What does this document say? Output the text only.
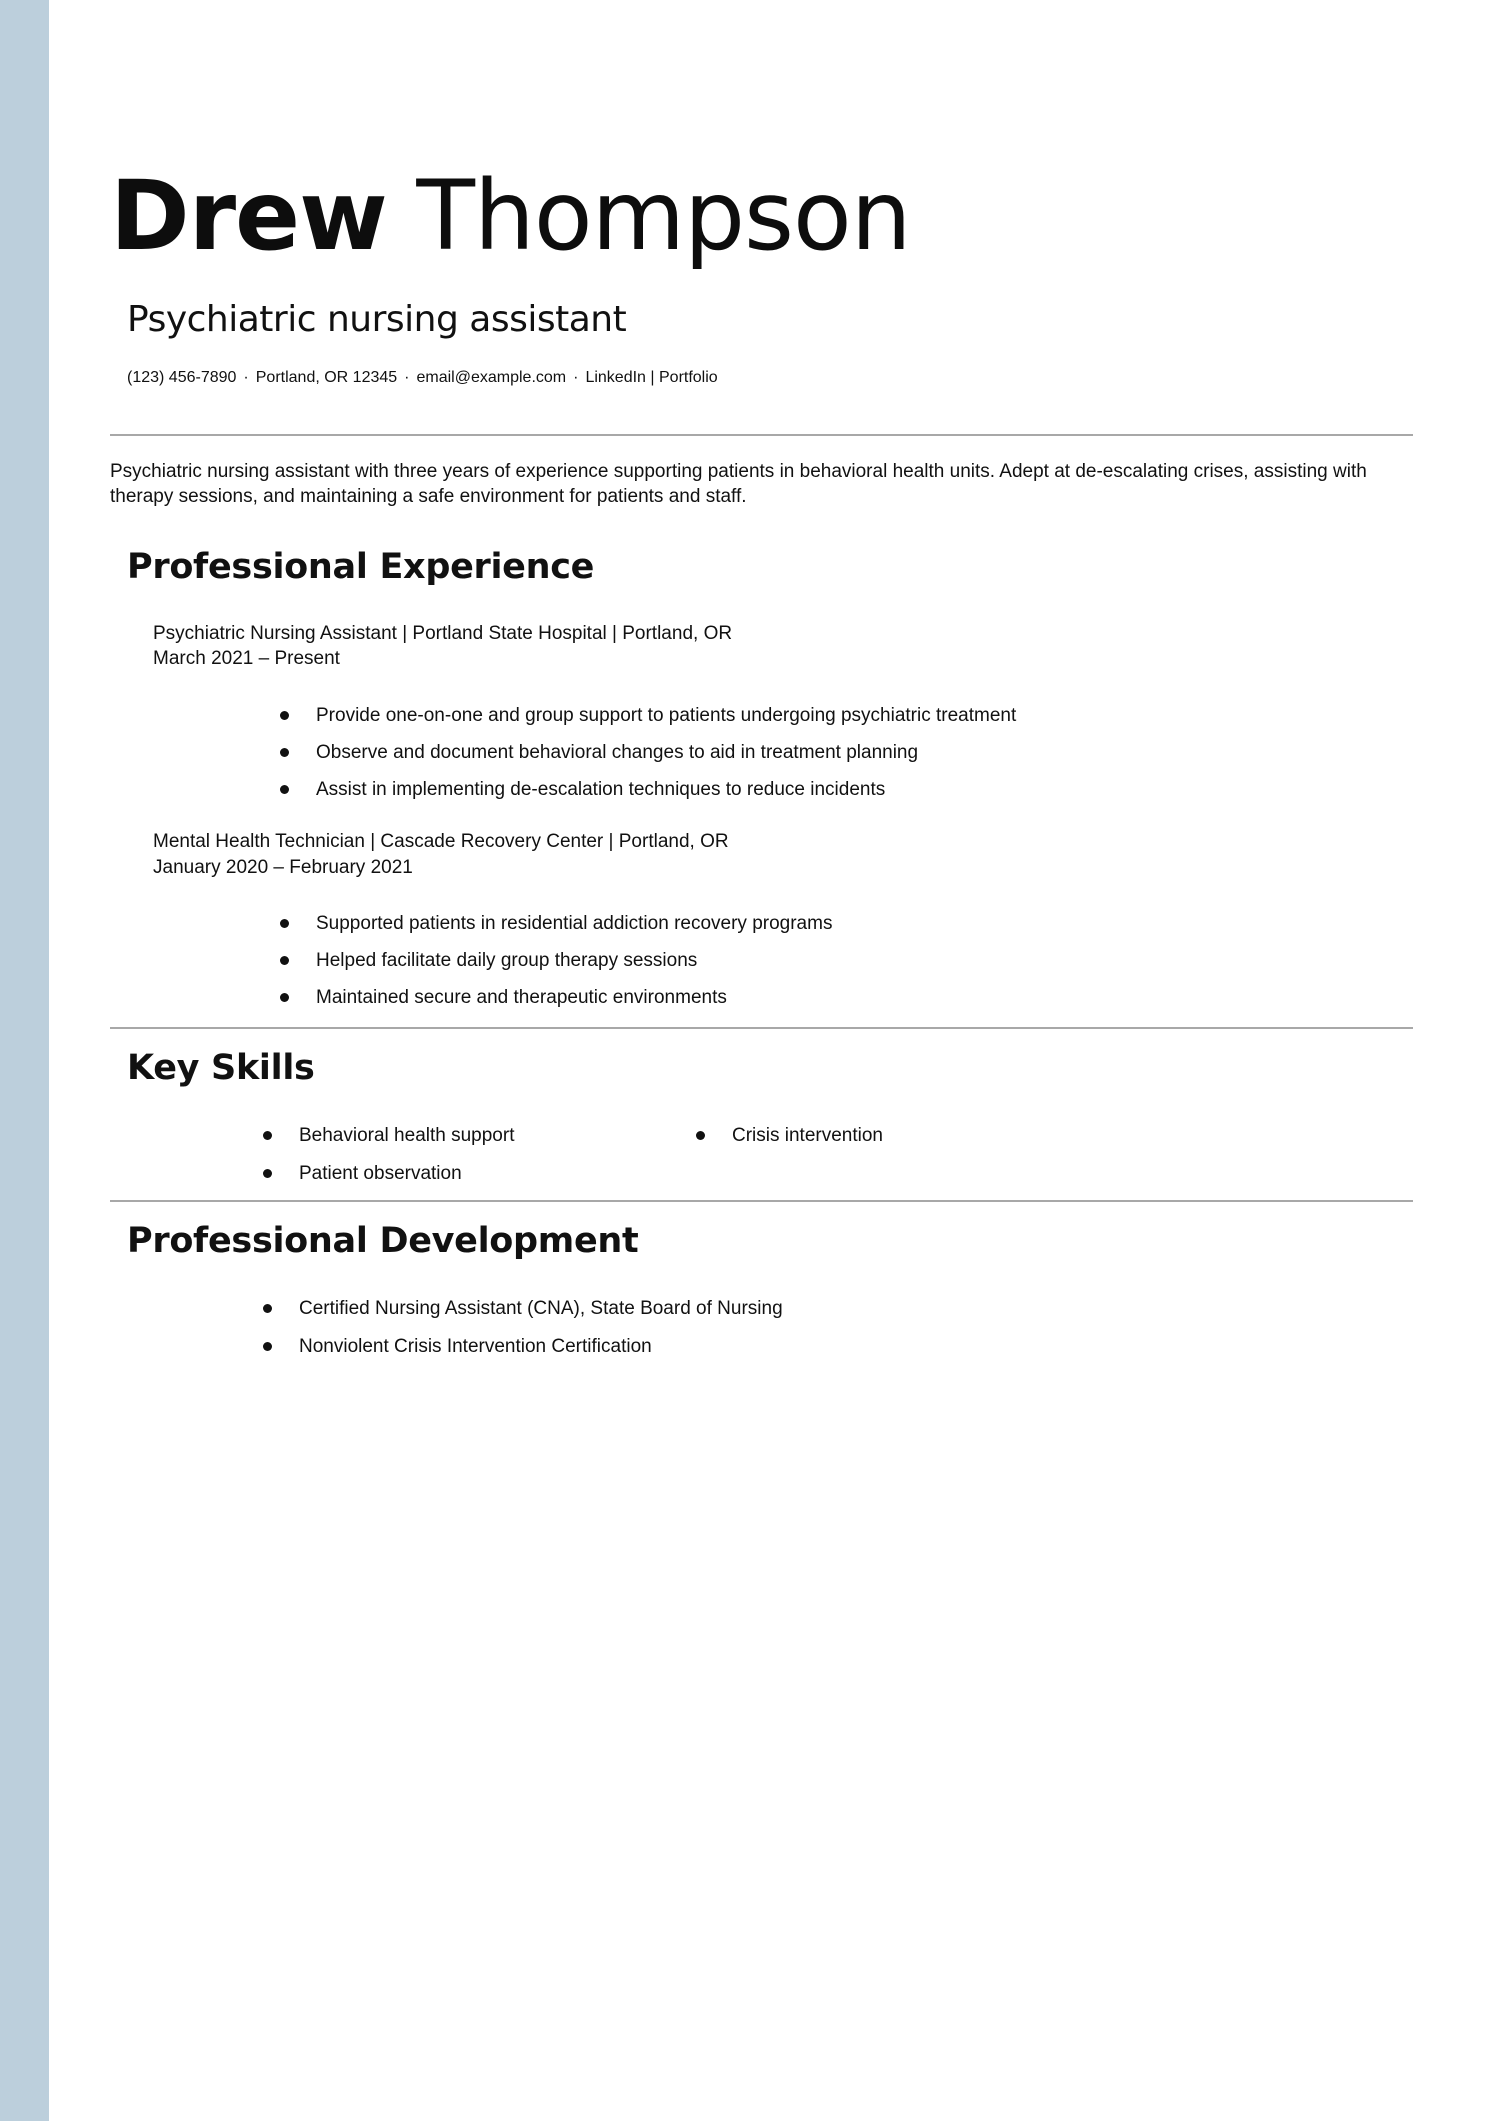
Drew Thompson
Psychiatric nursing assistant
(123) 456-7890 · Portland, OR 12345 · email@example.com · LinkedIn | Portfolio
Psychiatric nursing assistant with three years of experience supporting patients in behavioral health units. Adept at de-escalating crises, assisting with therapy sessions, and maintaining a safe environment for patients and staff.
Professional Experience
Psychiatric Nursing Assistant | Portland State Hospital | Portland, OR
March 2021 – Present
Provide one-on-one and group support to patients undergoing psychiatric treatment
Observe and document behavioral changes to aid in treatment planning
Assist in implementing de-escalation techniques to reduce incidents
Mental Health Technician | Cascade Recovery Center | Portland, OR
January 2020 – February 2021
Supported patients in residential addiction recovery programs
Helped facilitate daily group therapy sessions
Maintained secure and therapeutic environments
Key Skills
Behavioral health support	Crisis intervention
Patient observation
Professional Development
Certified Nursing Assistant (CNA), State Board of Nursing
Nonviolent Crisis Intervention Certification
